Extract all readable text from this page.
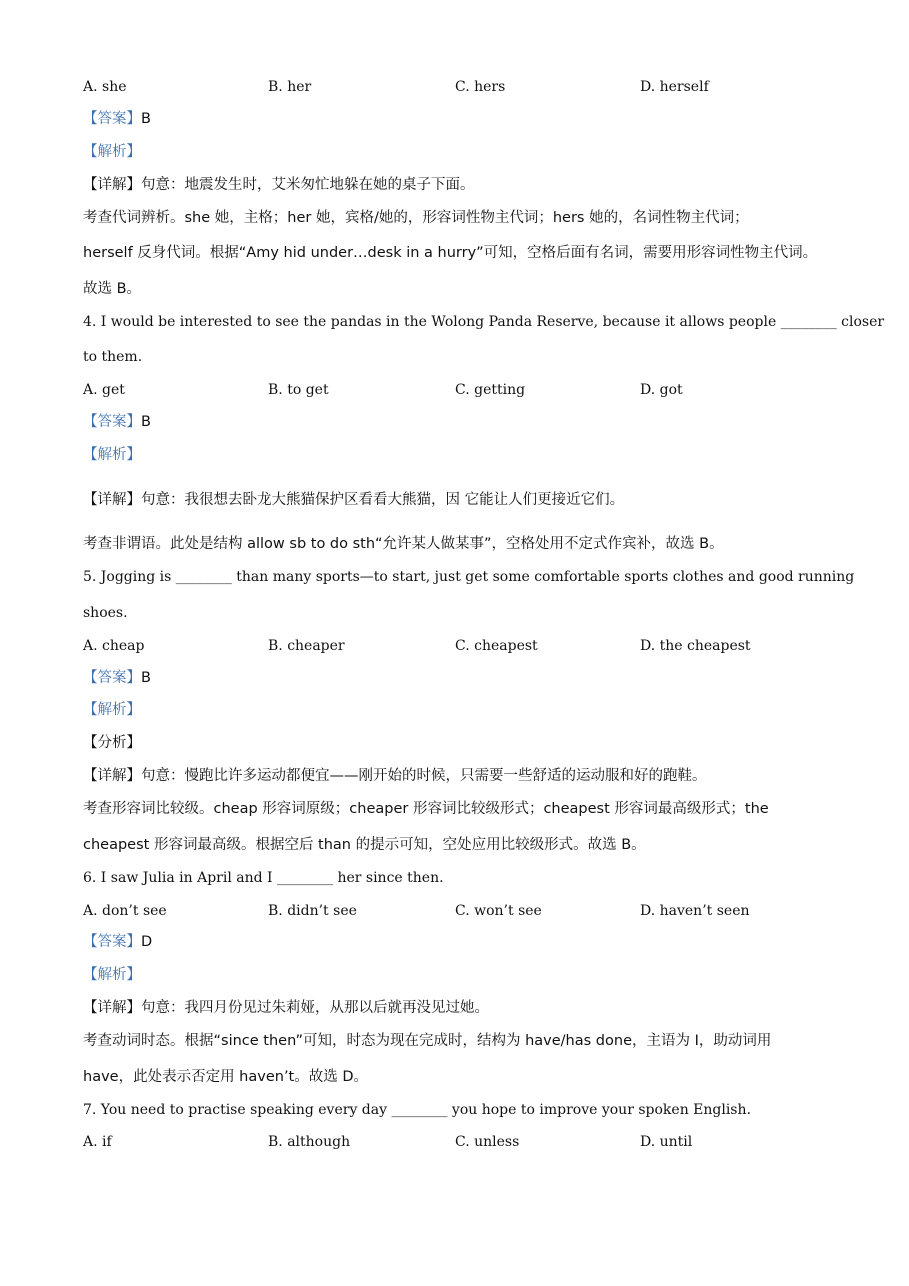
A. she	B. her	C. hers	D. herself
【答案】B
【解析】
【详解】句意：地震发生时，艾米匆忙地躲在她的桌子下面。
考查代词辨析。she 她，主格；her 她，宾格/她的，形容词性物主代词；hers 她的，名词性物主代词；
herself 反身代词。根据“Amy hid under…desk in a hurry”可知，空格后面有名词，需要用形容词性物主代词。
故选 B。
4. I would be interested to see the pandas in the Wolong Panda Reserve, because it allows people ________ closer
to them.
A. get	B. to get	C. getting	D. got
【答案】B
【解析】
【详解】句意：我很想去卧龙大熊猫保护区看看大熊猫，因 它能让人们更接近它们。
考查非谓语。此处是结构 allow sb to do sth“允许某人做某事”，空格处用不定式作宾补，故选 B。
5. Jogging is ________ than many sports—to start, just get some comfortable sports clothes and good running
shoes.
A. cheap	B. cheaper	C. cheapest	D. the cheapest
【答案】B
【解析】
【分析】
【详解】句意：慢跑比许多运动都便宜——刚开始的时候，只需要一些舒适的运动服和好的跑鞋。
考查形容词比较级。cheap 形容词原级；cheaper 形容词比较级形式；cheapest 形容词最高级形式；the
cheapest 形容词最高级。根据空后 than 的提示可知，空处应用比较级形式。故选 B。
6. I saw Julia in April and I ________ her since then.
A. don’t see	B. didn’t see	C. won’t see	D. haven’t seen
【答案】D
【解析】
【详解】句意：我四月份见过朱莉娅，从那以后就再没见过她。
考查动词时态。根据“since then”可知，时态为现在完成时，结构为 have/has done，主语为 I，助动词用
have，此处表示否定用 haven’t。故选 D。
7. You need to practise speaking every day ________ you hope to improve your spoken English.
A. if	B. although	C. unless	D. until
